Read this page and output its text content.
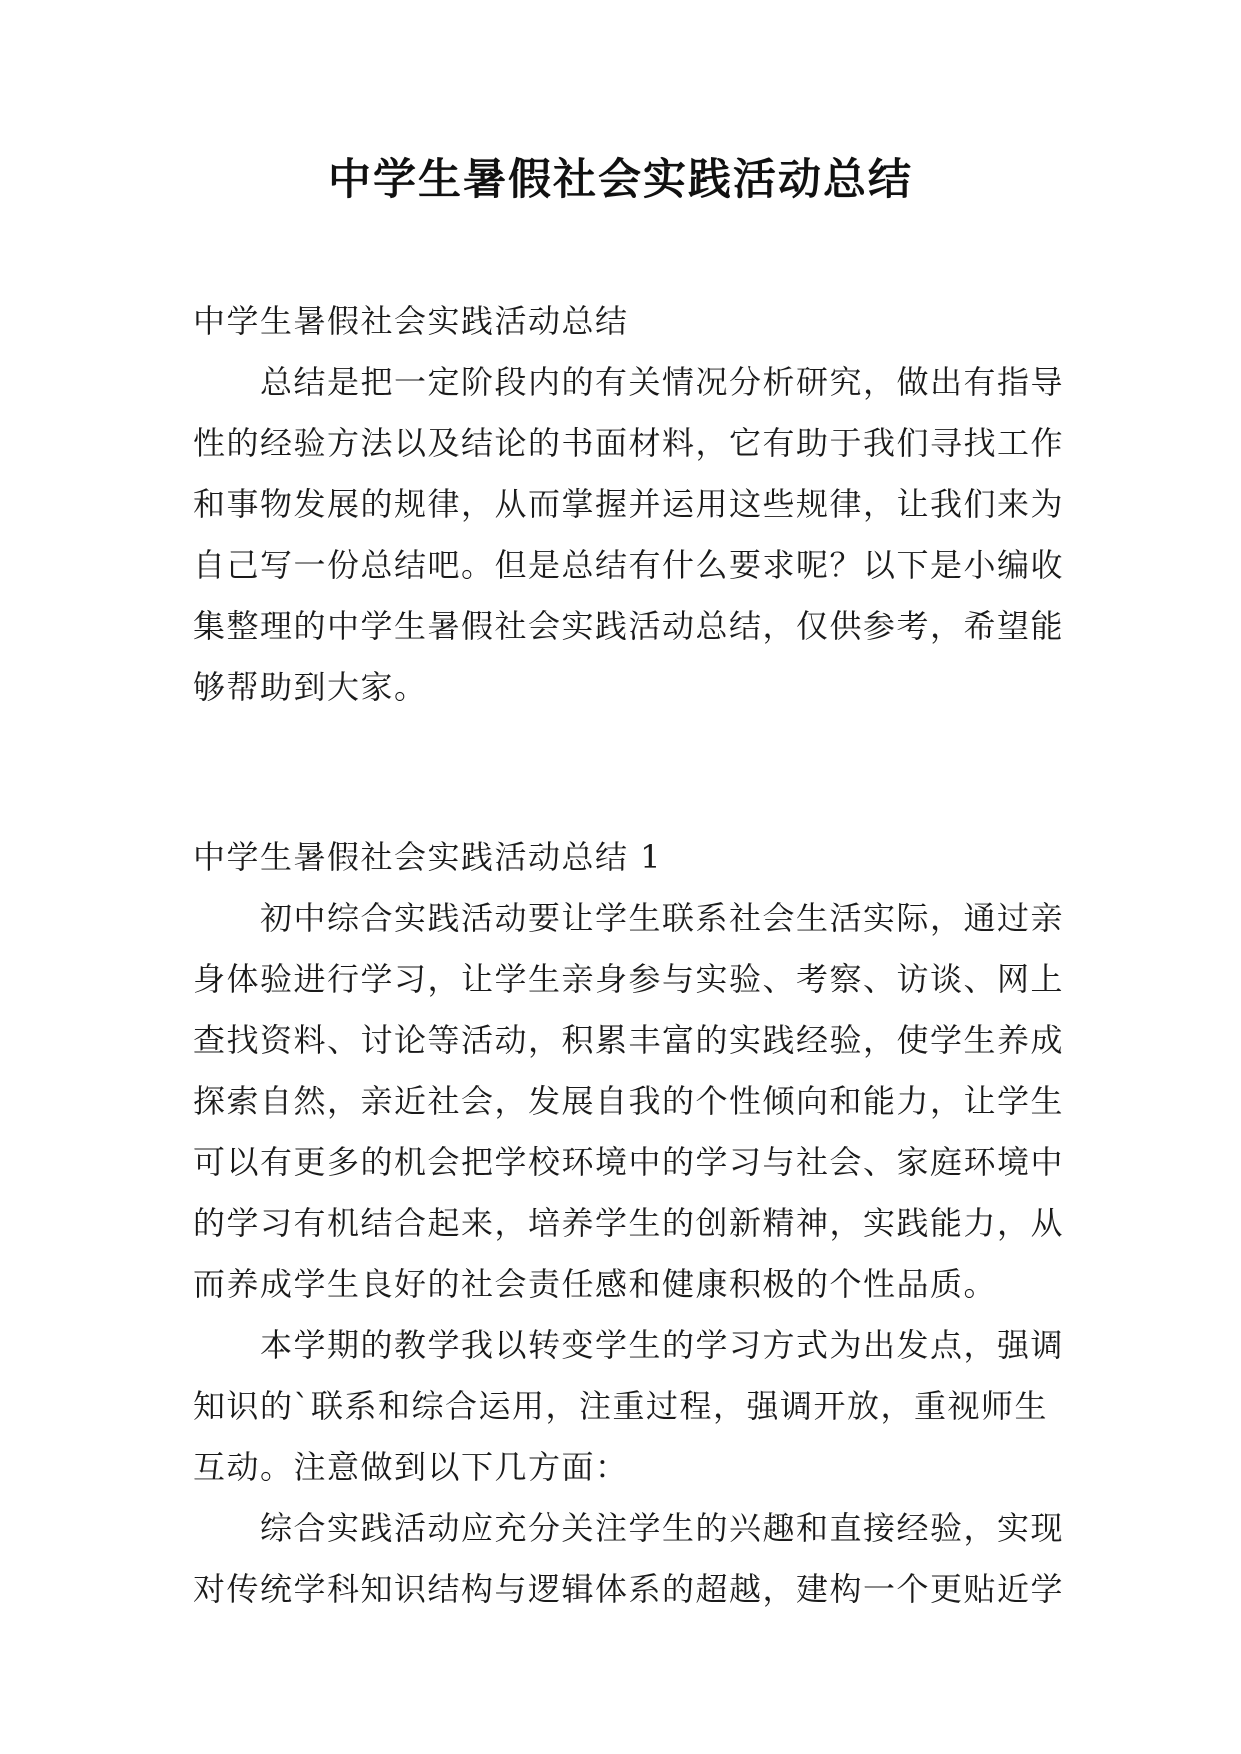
中学生暑假社会实践活动总结
中学生暑假社会实践活动总结
　　总结是把一定阶段内的有关情况分析研究，做出有指导
性的经验方法以及结论的书面材料，它有助于我们寻找工作
和事物发展的规律，从而掌握并运用这些规律，让我们来为
自己写一份总结吧。但是总结有什么要求呢？以下是小编收
集整理的中学生暑假社会实践活动总结，仅供参考，希望能
够帮助到大家。
中学生暑假社会实践活动总结 1
　　初中综合实践活动要让学生联系社会生活实际，通过亲
身体验进行学习，让学生亲身参与实验、考察、访谈、网上
查找资料、讨论等活动，积累丰富的实践经验，使学生养成
探索自然，亲近社会，发展自我的个性倾向和能力，让学生
可以有更多的机会把学校环境中的学习与社会、家庭环境中
的学习有机结合起来，培养学生的创新精神，实践能力，从
而养成学生良好的社会责任感和健康积极的个性品质。
　　本学期的教学我以转变学生的学习方式为出发点，强调
知识的`联系和综合运用，注重过程，强调开放，重视师生
互动。注意做到以下几方面：
　　综合实践活动应充分关注学生的兴趣和直接经验，实现
对传统学科知识结构与逻辑体系的超越，建构一个更贴近学
